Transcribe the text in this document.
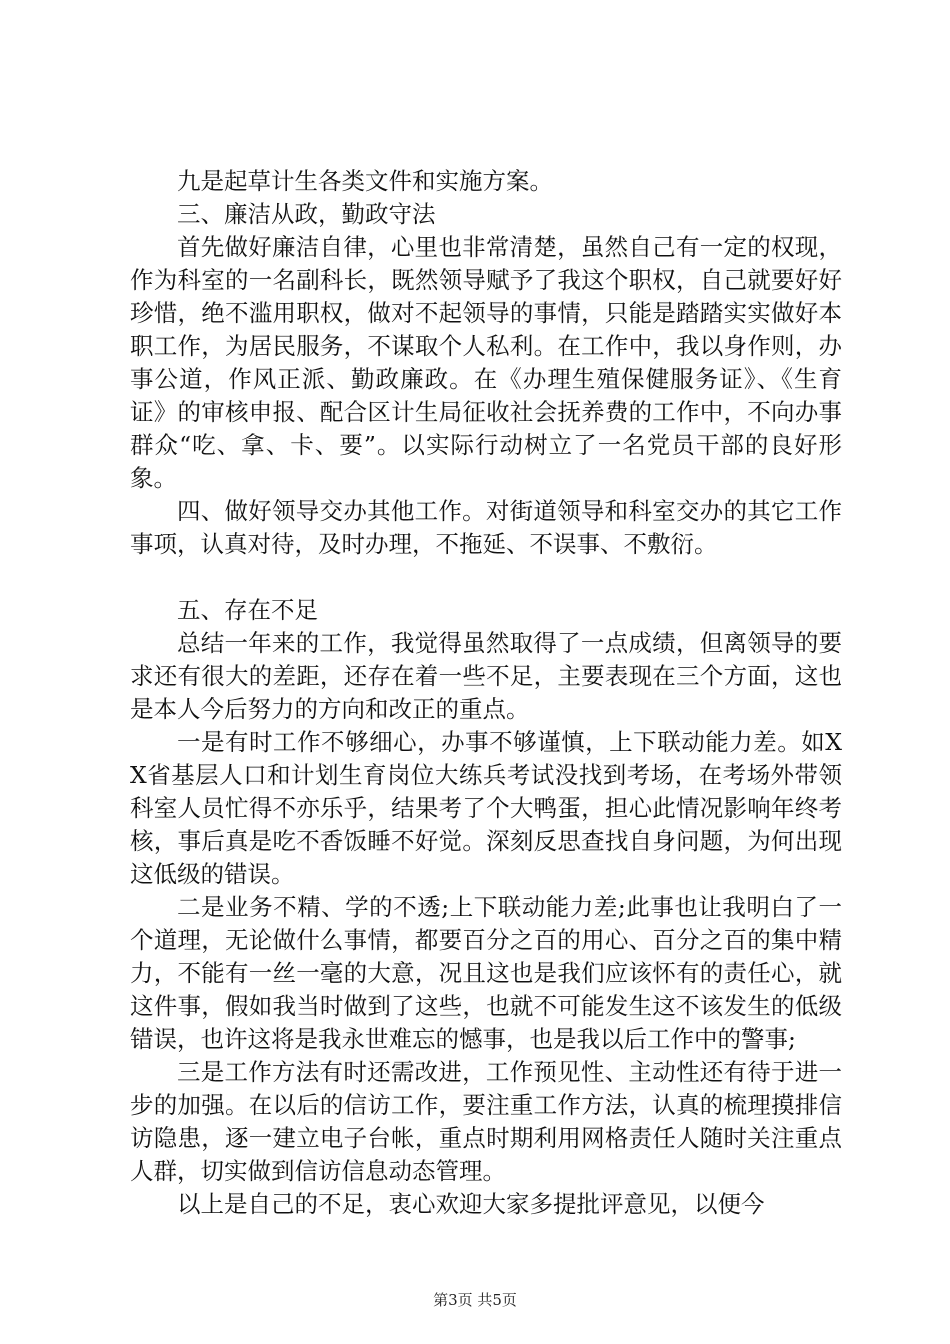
九是起草计生各类文件和实施方案。

三、廉洁从政，勤政守法

首先做好廉洁自律，心里也非常清楚，虽然自己有一定的权现，作为科室的一名副科长，既然领导赋予了我这个职权，自己就要好好珍惜，绝不滥用职权，做对不起领导的事情，只能是踏踏实实做好本职工作，为居民服务，不谋取个人私利。在工作中，我以身作则，办事公道，作风正派、勤政廉政。在《办理生殖保健服务证》、《生育证》的审核申报、配合区计生局征收社会抚养费的工作中，不向办事群众“吃、拿、卡、要”。以实际行动树立了一名党员干部的良好形象。

四、做好领导交办其他工作。对街道领导和科室交办的其它工作事项，认真对待，及时办理，不拖延、不误事、不敷衍。

五、存在不足

总结一年来的工作，我觉得虽然取得了一点成绩，但离领导的要求还有很大的差距，还存在着一些不足，主要表现在三个方面，这也是本人今后努力的方向和改正的重点。

一是有时工作不够细心，办事不够谨慎，上下联动能力差。如XX省基层人口和计划生育岗位大练兵考试没找到考场，在考场外带领科室人员忙得不亦乐乎，结果考了个大鸭蛋，担心此情况影响年终考核，事后真是吃不香饭睡不好觉。深刻反思查找自身问题，为何出现这低级的错误。

二是业务不精、学的不透;上下联动能力差;此事也让我明白了一个道理，无论做什么事情，都要百分之百的用心、百分之百的集中精力，不能有一丝一毫的大意，况且这也是我们应该怀有的责任心，就这件事，假如我当时做到了这些，也就不可能发生这不该发生的低级错误，也许这将是我永世难忘的憾事，也是我以后工作中的警事;

三是工作方法有时还需改进，工作预见性、主动性还有待于进一步的加强。在以后的信访工作，要注重工作方法，认真的梳理摸排信访隐患，逐一建立电子台帐，重点时期利用网格责任人随时关注重点人群，切实做到信访信息动态管理。

以上是自己的不足，衷心欢迎大家多提批评意见，以便今

第3页 共5页
